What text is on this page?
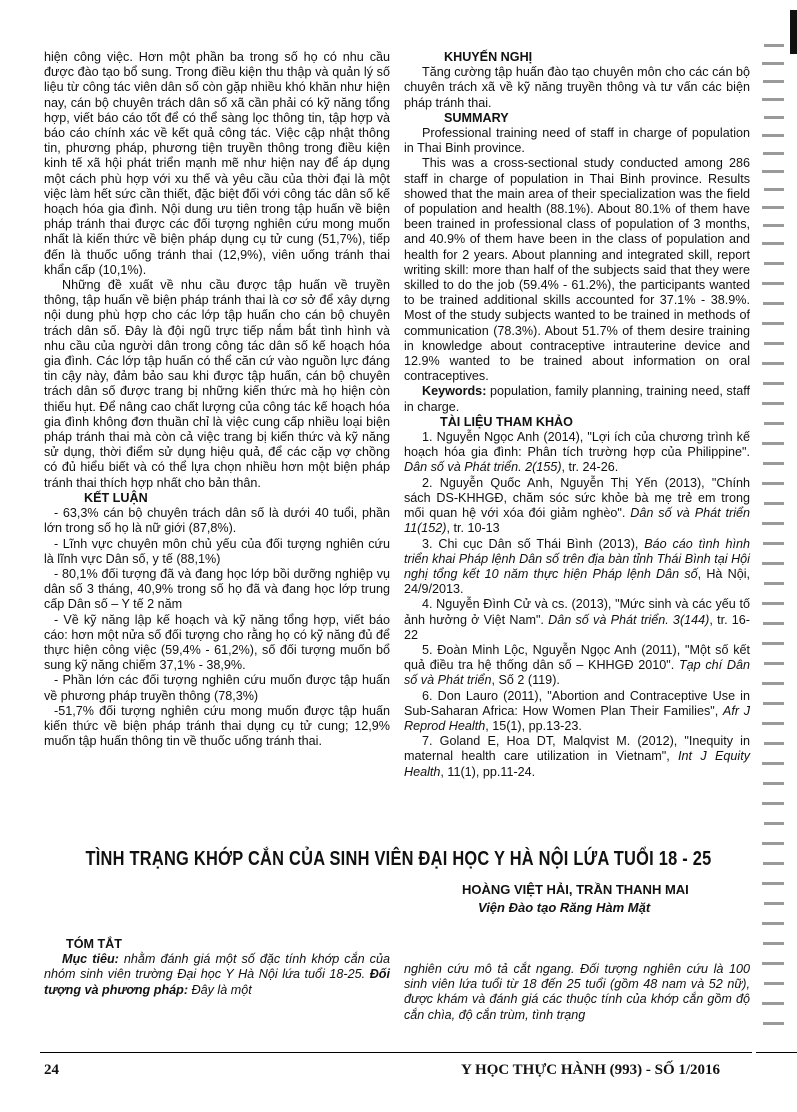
hiện công việc. Hơn một phần ba trong số họ có nhu cầu được đào tạo bổ sung. Trong điều kiện thu thập và quản lý số liệu từ công tác viên dân số còn gặp nhiều khó khăn như hiện nay, cán bộ chuyên trách dân số xã cần phải có kỹ năng tổng hợp, viết báo cáo tốt để có thể sàng lọc thông tin, tập hợp và báo cáo chính xác về kết quả công tác. Việc cập nhật thông tin, phương pháp, phương tiện truyền thông trong điều kiện kinh tế xã hội phát triển mạnh mẽ như hiện nay để áp dụng một cách phù hợp với xu thế và yêu cầu của thời đại là một việc làm hết sức cần thiết, đặc biệt đối với công tác dân số kế hoạch hóa gia đình. Nội dung ưu tiên trong tập huấn về biện pháp tránh thai được các đối tượng nghiên cứu mong muốn nhất là kiến thức về biện pháp dụng cụ tử cung (51,7%), tiếp đến là thuốc uống tránh thai (12,9%), viên uống tránh thai khẩn cấp (10,1%).

Những đề xuất về nhu cầu được tập huấn về truyền thông, tập huấn về biện pháp tránh thai là cơ sở để xây dựng nội dung phù hợp cho các lớp tập huấn cho cán bộ chuyên trách dân số. Đây là đội ngũ trực tiếp nắm bắt tình hình và nhu cầu của người dân trong công tác dân số kế hoạch hóa gia đình. Các lớp tập huấn có thể căn cứ vào nguồn lực đáng tin cậy này, đảm bảo sau khi được tập huấn, cán bộ chuyên trách dân số được trang bị những kiến thức mà họ hiện còn thiếu hụt. Để nâng cao chất lượng của công tác kế hoạch hóa gia đình không đơn thuần chỉ là việc cung cấp nhiều loại biện pháp tránh thai mà còn cả việc trang bị kiến thức và kỹ năng sử dụng, thời điểm sử dụng hiệu quả, để các cặp vợ chồng có đủ hiểu biết và có thể lựa chọn nhiều hơn một biện pháp tránh thai thích hợp nhất cho bản thân.

KẾT LUẬN

- 63,3% cán bộ chuyên trách dân số là dưới 40 tuổi, phần lớn trong số họ là nữ giới (87,8%).

- Lĩnh vực chuyên môn chủ yếu của đối tượng nghiên cứu là lĩnh vực Dân số, y tế (88,1%)

- 80,1% đối tượng đã và đang học lớp bồi dưỡng nghiệp vụ dân số 3 tháng, 40,9% trong số họ đã và đang học lớp trung cấp Dân số – Y tế 2 năm

- Về kỹ năng lập kế hoạch và kỹ năng tổng hợp, viết báo cáo: hơn một nửa số đối tượng cho rằng họ có kỹ năng đủ để thực hiện công việc (59,4% - 61,2%), số đối tượng muốn bổ sung kỹ năng chiếm 37,1% - 38,9%.

- Phần lớn các đối tượng nghiên cứu muốn được tập huấn về phương pháp truyền thông (78,3%)

-51,7% đối tượng nghiên cứu mong muốn được tập huấn kiến thức về biện pháp tránh thai dụng cụ tử cung; 12,9% muốn tập huấn thông tin về thuốc uống tránh thai.

KHUYẾN NGHỊ

Tăng cường tập huấn đào tạo chuyên môn cho các cán bộ chuyên trách xã về kỹ năng truyền thông và tư vấn các biện pháp tránh thai.

SUMMARY

Professional training need of staff in charge of population in Thai Binh province.

This was a cross-sectional study conducted among 286 staff in charge of population in Thai Binh province. Results showed that the main area of their specialization was the field of population and health (88.1%). About 80.1% of them have been trained in professional class of population of 3 months, and 40.9% of them have been in the class of population and health for 2 years. About planning and integrated skill, report writing skill: more than half of the subjects said that they were skilled to do the job (59.4% - 61.2%), the participants wanted to be trained additional skills accounted for 37.1% - 38.9%. Most of the study subjects wanted to be trained in methods of communication (78.3%). About 51.7% of them desire training in knowledge about contraceptive intrauterine device and 12.9% wanted to be trained about information on oral contraceptives.

Keywords: population, family planning, training need, staff in charge.

TÀI LIỆU THAM KHẢO

1. Nguyễn Ngọc Anh (2014), "Lợi ích của chương trình kế hoạch hóa gia đình: Phân tích trường hợp của Philippine". Dân số và Phát triển. 2(155), tr. 24-26.

2. Nguyễn Quốc Anh, Nguyễn Thị Yến (2013), "Chính sách DS-KHHGĐ, chăm sóc sức khỏe bà mẹ trẻ em trong mối quan hệ với xóa đói giảm nghèo". Dân số và Phát triển 11(152), tr. 10-13

3. Chi cục Dân số Thái Bình (2013), Báo cáo tình hình triển khai Pháp lệnh Dân số trên địa bàn tỉnh Thái Bình tại Hội nghị tổng kết 10 năm thực hiện Pháp lệnh Dân số, Hà Nội, 24/9/2013.

4. Nguyễn Đình Cử và cs. (2013), "Mức sinh và các yếu tố ảnh hưởng ở Việt Nam". Dân số và Phát triển. 3(144), tr. 16-22

5. Đoàn Minh Lộc, Nguyễn Ngọc Anh (2011), "Một số kết quả điều tra hệ thống dân số – KHHGĐ 2010". Tạp chí Dân số và Phát triển, Số 2 (119).

6. Don Lauro (2011), "Abortion and Contraceptive Use in Sub-Saharan Africa: How Women Plan Their Families", Afr J Reprod Health, 15(1), pp.13-23.

7. Goland E, Hoa DT, Malqvist M. (2012), "Inequity in maternal health care utilization in Vietnam", Int J Equity Health, 11(1), pp.11-24.

TÌNH TRẠNG KHỚP CẮN CỦA SINH VIÊN ĐẠI HỌC Y HÀ NỘI LỨA TUỔI 18 - 25
HOÀNG VIỆT HẢI, TRẦN THANH MAI
Viện Đào tạo Răng Hàm Mặt

TÓM TẮT

Mục tiêu: nhằm đánh giá một số đặc tính khớp cắn của nhóm sinh viên trường Đại học Y Hà Nội lứa tuổi 18-25. Đối tượng và phương pháp: Đây là một

nghiên cứu mô tả cắt ngang. Đối tượng nghiên cứu là 100 sinh viên lứa tuổi từ 18 đến 25 tuổi (gồm 48 nam và 52 nữ), được khám và đánh giá các thuộc tính của khớp cắn gồm độ cắn chìa, độ cắn trùm, tình trạng
24	Y HỌC THỰC HÀNH (993) - SỐ 1/2016
